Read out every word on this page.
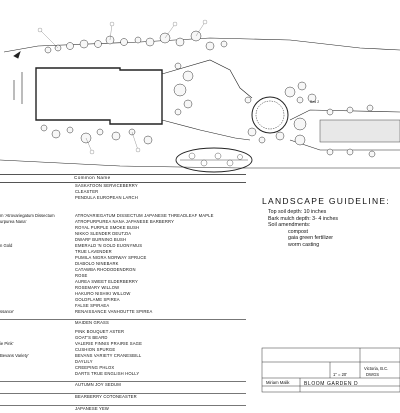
Bed 2
Common Name
SASKATOON SERVICEBERRY
CLEASTER
PENDULA EUROPEAN LARCH
m 'Atrovariegatum Dissectum	ATROVARIEGATUM DISSECTUM JAPANESE THREADLEAF MAPLE
urpurea Nana'	ATROPURPUREA NANA JAPANESE BARBERRY
ROYAL PURPLE SMOKE BUSH
NIKKO SLENDER DEUTZIA
DWARF BURNING BUSH
n Gold	EMERALD 'N GOLD EUONYMUS
TRUE LAVENDER
PUMILA NIGRA NORWAY SPRUCE
DIABOLO NINEBARK
CATAWBA RHODODENDRON
ROSE
AUREA SWEET ELDERBERRY
ROSEMARY WILLOW
HAKURO NISHIKI WILLOW
GOLDFLAME SPIREA
FALSE SPIRAEA
ssance'	RENAISSANCE VANHOUTTE SPIREA
MAIDEN GRASS
PINK BOUQUET ASTER
GOAT'S BEARD
ie Pink'	VALERIE FINNIS PRAIRIE SAGE
CUSHION SPURGE
Bevans Variety'	BEVANS VARIETY CRANESBILL
DAYLILY
CREEPING PHLOX
DARTS TRUE ENGLISH HOLLY
AUTUMN JOY SEDUM
BEARBERRY COTONEASTER
JAPANESE YEW
LANDSCAPE GUIDELINE:
Top soil depth: 10 inches
Bark mulch depth: 3- 4 inches
Soil amendments:
compost
gaia green fertilizer
worm casting
Victoria, B.C.
1" = 20'	DWGS
Miriam Malik	BLOOM GARDEN D
